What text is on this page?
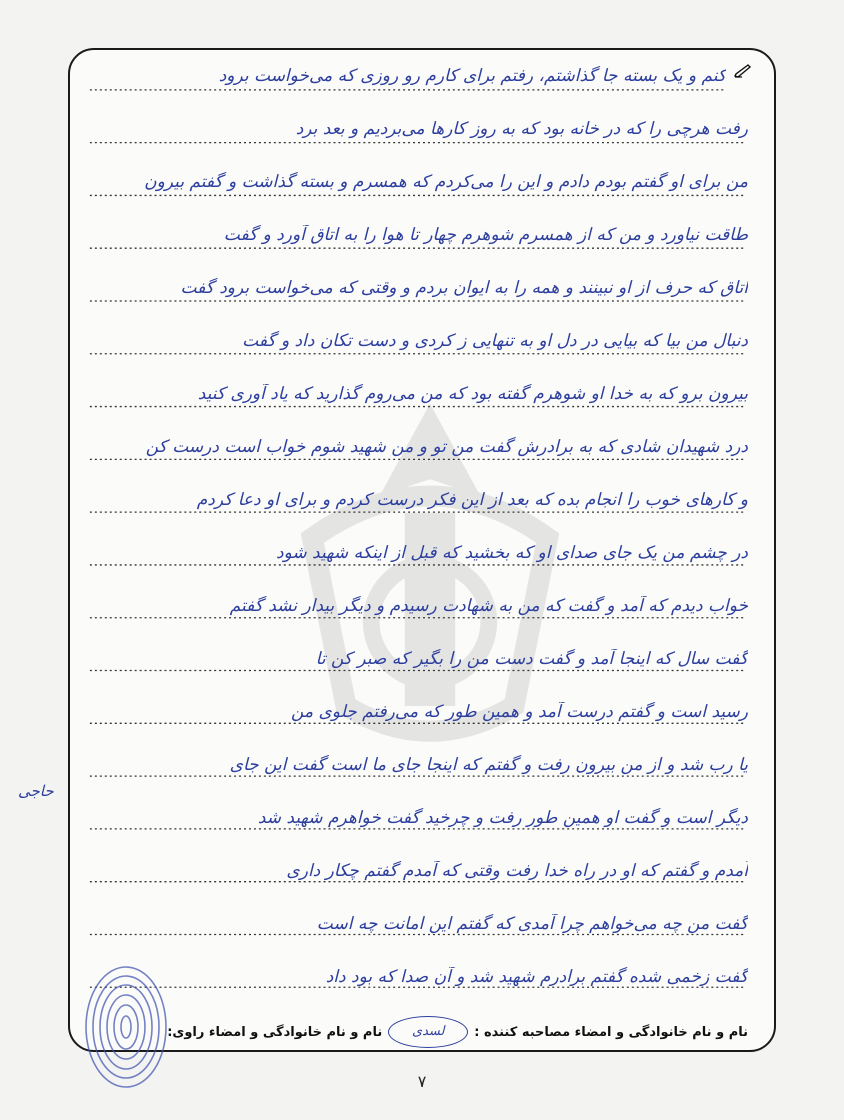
کنم و یک بسته جا گذاشتم، رفتم برای کارم رو روزی که می‌خواست برود
رفت هرچی را که در خانه بود که به روز کارها می‌بردیم و بعد برد
من برای او گفتم بودم دادم و این را می‌کردم که همسرم و بسته گذاشت و گفتم بیرون
طاقت نیاورد و من که از همسرم شوهرم چهار تا هوا را به اتاق آورد و گفت
اتاق که حرف از او نبینند و همه را به ایوان بردم و وقتی که می‌خواست برود گفت
دنبال من بیا که بیایی در دل او به تنهایی ز کردی و دست تکان داد و گفت
بیرون برو که به خدا او شوهرم گفته بود که من می‌روم گذارید که یاد آوری کنید
درد شهیدان شادی که به برادرش گفت من تو و من شهید شوم خواب است درست کن
و کارهای خوب را انجام بده که بعد از این فکر درست کردم و برای او دعا کردم
در چشم من یک جای صدای او که بخشید که قبل از اینکه شهید شود
خواب دیدم که آمد و گفت که من به شهادت رسیدم و دیگر بیدار نشد گفتم
گفت سال که اینجا آمد و گفت دست من را بگیر که صبر کن تا
رسید است و گفتم درست آمد و همین طور که می‌رفتم جلوی من
یا رب شد و از من بیرون رفت و گفتم که اینجا جای ما است گفت این جای
دیگر است و گفت او همین طور رفت و چرخید گفت خواهرم شهید شد
آمدم و گفتم که او در راه خدا رفت وقتی که آمدم گفتم چکار داری
گفت من چه می‌خواهم چرا آمدی که گفتم این امانت چه است
گفت زخمی شده گفتم برادرم شهید شد و آن صدا که بود داد
نام و نام خانوادگی و امضاء مصاحبه کننده :
لسدی
نام و نام خانوادگی و امضاء راوی:
حاجی
۷
